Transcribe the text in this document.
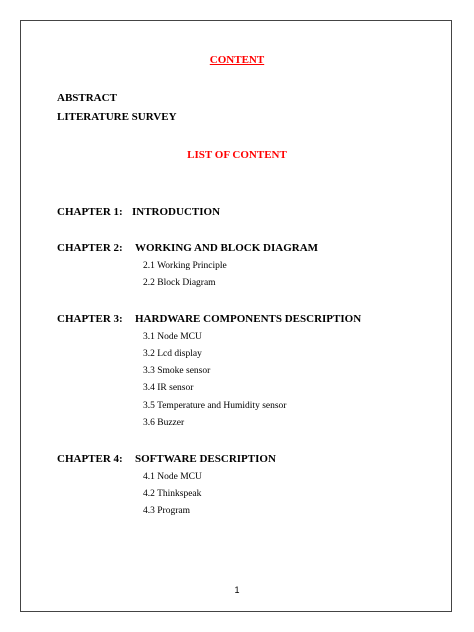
CONTENT
ABSTRACT
LITERATURE SURVEY
LIST OF CONTENT
CHAPTER 1: INTRODUCTION
CHAPTER 2: WORKING AND BLOCK DIAGRAM
2.1 Working Principle
2.2 Block Diagram
CHAPTER 3: HARDWARE COMPONENTS DESCRIPTION
3.1 Node MCU
3.2 Lcd display
3.3 Smoke sensor
3.4 IR sensor
3.5 Temperature and Humidity sensor
3.6 Buzzer
CHAPTER 4: SOFTWARE DESCRIPTION
4.1 Node MCU
4.2 Thinkspeak
4.3 Program
1
